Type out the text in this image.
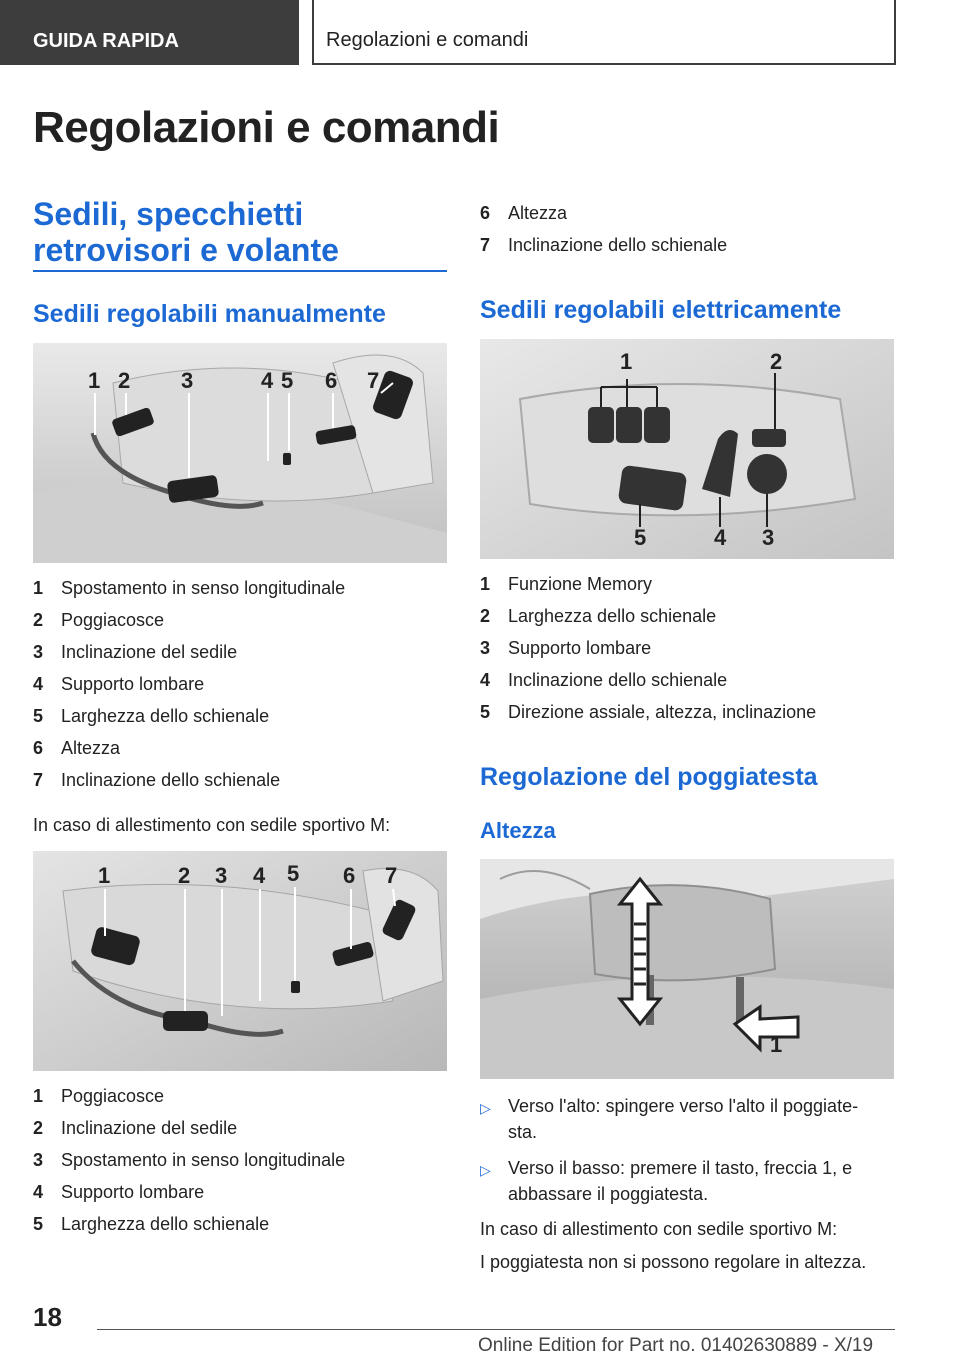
GUIDA RAPIDA	Regolazioni e comandi
Regolazioni e comandi
Sedili, specchietti
retrovisori e volante
Sedili regolabili manualmente
1 2 3	4 5 6 7
1 Spostamento in senso longitudinale
2 Poggiacosce
3 Inclinazione del sedile
4 Supporto lombare
5 Larghezza dello schienale
6 Altezza
7 Inclinazione dello schienale
In caso di allestimento con sedile sportivo M:
1	2 3 4 5 6 7
1 Poggiacosce
2 Inclinazione del sedile
3 Spostamento in senso longitudinale
4 Supporto lombare
5 Larghezza dello schienale
6 Altezza
7 Inclinazione dello schienale
Sedili regolabili elettricamente
1	2
3
4
5
1 Funzione Memory
2 Larghezza dello schienale
3 Supporto lombare
4 Inclinazione dello schienale
5 Direzione assiale, altezza, inclinazione
Regolazione del poggiatesta
Altezza
1
▷ Verso l'alto: spingere verso l'alto il poggiate-
sta.
▷ Verso il basso: premere il tasto, freccia 1, e
abbassare il poggiatesta.
In caso di allestimento con sedile sportivo M:
I poggiatesta non si possono regolare in altezza.
18
Online Edition for Part no. 01402630889 - X/19
